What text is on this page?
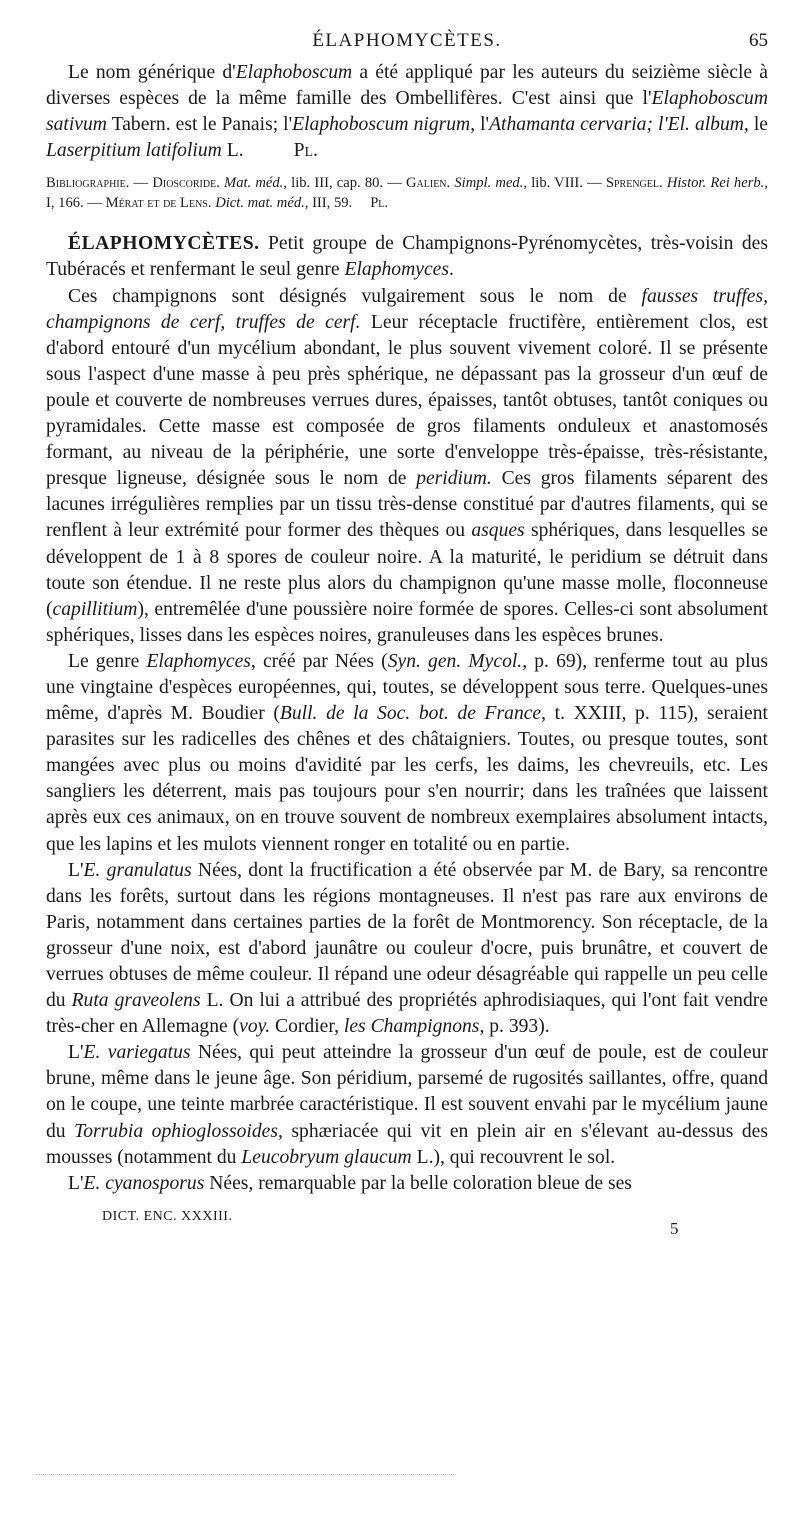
ÉLAPHOMYCÈTES.	65

Le nom générique d'Elaphoboscum a été appliqué par les auteurs du seizième siècle à diverses espèces de la même famille des Ombellifères. C'est ainsi que l'Elaphoboscum sativum Tabern. est le Panais; l'Elaphoboscum nigrum, l'Athamanta cervaria; l'El. album, le Laserpitium latifolium L.	Pl.

Bibliographie. — Dioscoride. Mat. méd., lib. III, cap. 80. — Galien. Simpl. med., lib. VIII. — Sprengel. Histor. Rei herb., I, 166. — Mérat et de Lens. Dict. mat. méd., III, 59. Pl.

ÉLAPHOMYCÈTES. Petit groupe de Champignons-Pyrénomycètes, très-voisin des Tubéracés et renfermant le seul genre Elaphomyces.

Ces champignons sont désignés vulgairement sous le nom de fausses truffes, champignons de cerf, truffes de cerf. Leur réceptacle fructifère, entièrement clos, est d'abord entouré d'un mycélium abondant, le plus souvent vivement coloré. Il se présente sous l'aspect d'une masse à peu près sphérique, ne dépassant pas la grosseur d'un œuf de poule et couverte de nombreuses verrues dures, épaisses, tantôt obtuses, tantôt coniques ou pyramidales. Cette masse est composée de gros filaments onduleux et anastomosés formant, au niveau de la périphérie, une sorte d'enveloppe très-épaisse, très-résistante, presque ligneuse, désignée sous le nom de peridium. Ces gros filaments séparent des lacunes irrégulières remplies par un tissu très-dense constitué par d'autres filaments, qui se renflent à leur extrémité pour former des thèques ou asques sphériques, dans lesquelles se développent de 1 à 8 spores de couleur noire. A la maturité, le peridium se détruit dans toute son étendue. Il ne reste plus alors du champignon qu'une masse molle, floconneuse (capillitium), entremêlée d'une poussière noire formée de spores. Celles-ci sont absolument sphériques, lisses dans les espèces noires, granuleuses dans les espèces brunes.

Le genre Elaphomyces, créé par Nées (Syn. gen. Mycol., p. 69), renferme tout au plus une vingtaine d'espèces européennes, qui, toutes, se développent sous terre. Quelques-unes même, d'après M. Boudier (Bull. de la Soc. bot. de France, t. XXIII, p. 115), seraient parasites sur les radicelles des chênes et des châtaigniers. Toutes, ou presque toutes, sont mangées avec plus ou moins d'avidité par les cerfs, les daims, les chevreuils, etc. Les sangliers les déterrent, mais pas toujours pour s'en nourrir; dans les traînées que laissent après eux ces animaux, on en trouve souvent de nombreux exemplaires absolument intacts, que les lapins et les mulots viennent ronger en totalité ou en partie.

L'E. granulatus Nées, dont la fructification a été observée par M. de Bary, sa rencontre dans les forêts, surtout dans les régions montagneuses. Il n'est pas rare aux environs de Paris, notamment dans certaines parties de la forêt de Montmorency. Son réceptacle, de la grosseur d'une noix, est d'abord jaunâtre ou couleur d'ocre, puis brunâtre, et couvert de verrues obtuses de même couleur. Il répand une odeur désagréable qui rappelle un peu celle du Ruta graveolens L. On lui a attribué des propriétés aphrodisiaques, qui l'ont fait vendre très-cher en Allemagne (voy. Cordier, les Champignons, p. 393).

L'E. variegatus Nées, qui peut atteindre la grosseur d'un œuf de poule, est de couleur brune, même dans le jeune âge. Son péridium, parsemé de rugosités saillantes, offre, quand on le coupe, une teinte marbrée caractéristique. Il est souvent envahi par le mycélium jaune du Torrubia ophioglossoides, sphæriacée qui vit en plein air en s'élevant au-dessus des mousses (notamment du Leucobryum glaucum L.), qui recouvrent le sol.

L'E. cyanosporus Nées, remarquable par la belle coloration bleue de ses

DICT. ENC. XXXIII.
5
